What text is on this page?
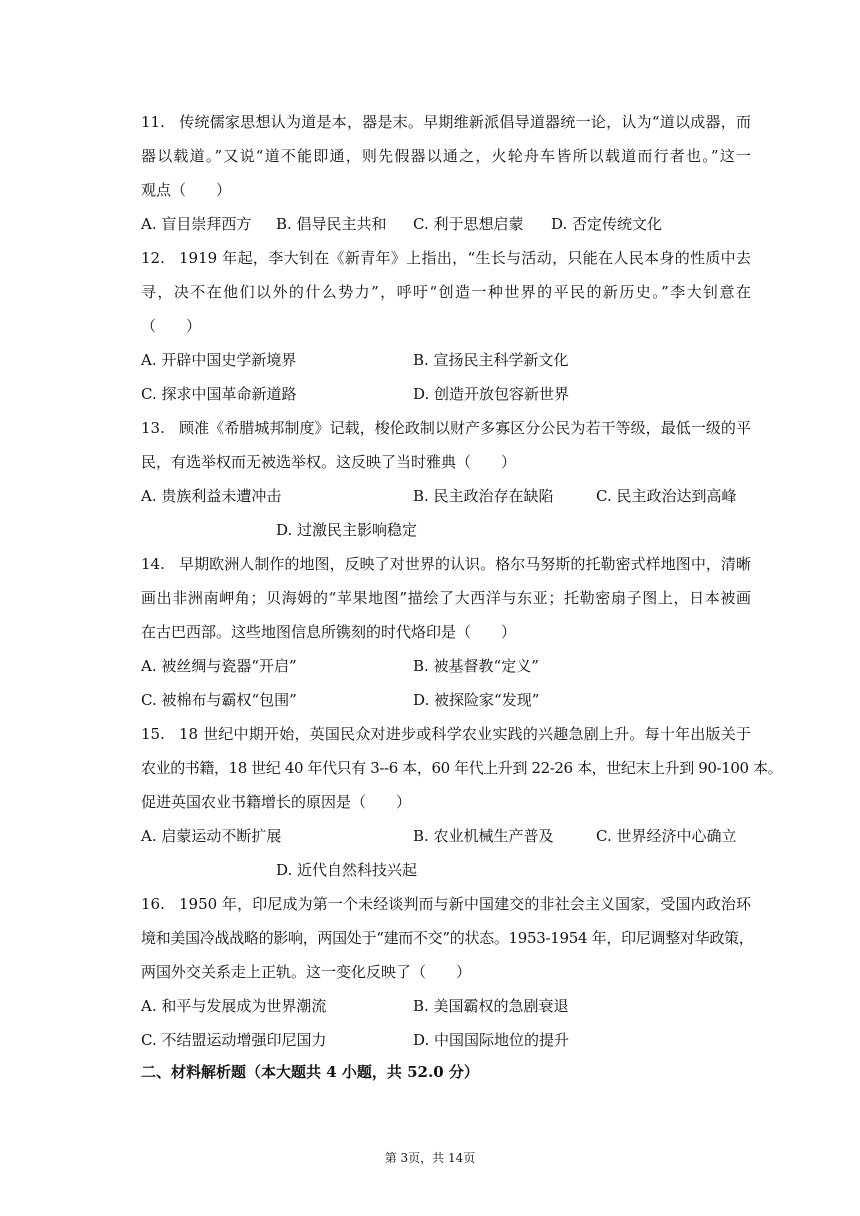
11. 传统儒家思想认为道是本，器是末。早期维新派倡导道器统一论，认为“道以成器，而
器以载道。”又说“道不能即通，则先假器以通之，火轮舟车皆所以载道而行者也。”这一
观点（　　）
A. 盲目崇拜西方 B. 倡导民主共和 C. 利于思想启蒙 D. 否定传统文化
12. 1919 年起，李大钊在《新青年》上指出，“生长与活动，只能在人民本身的性质中去
寻，决不在他们以外的什么势力”，呼吁“创造一种世界的平民的新历史。”李大钊意在
（　　）
A. 开辟中国史学新境界	B. 宣扬民主科学新文化
C. 探求中国革命新道路	D. 创造开放包容新世界
13. 顾准《希腊城邦制度》记载，梭伦政制以财产多寡区分公民为若干等级，最低一级的平
民，有选举权而无被选举权。这反映了当时雅典（　　）
A. 贵族利益未遭冲击	B. 民主政治存在缺陷	C. 民主政治达到高峰
D. 过激民主影响稳定
14. 早期欧洲人制作的地图，反映了对世界的认识。格尔马努斯的托勒密式样地图中，清晰
画出非洲南岬角；贝海姆的“苹果地图”描绘了大西洋与东亚；托勒密扇子图上，日本被画
在古巴西部。这些地图信息所镌刻的时代烙印是（　　）
A. 被丝绸与瓷器“开启”	B. 被基督教“定义”
C. 被棉布与霸权“包围”	D. 被探险家“发现”
15. 18 世纪中期开始，英国民众对进步或科学农业实践的兴趣急剧上升。每十年出版关于
农业的书籍，18 世纪 40 年代只有 3--6 本，60 年代上升到 22-26 本，世纪末上升到 90-100 本。
促进英国农业书籍增长的原因是（　　）
A. 启蒙运动不断扩展	B. 农业机械生产普及	C. 世界经济中心确立
D. 近代自然科技兴起
16. 1950 年，印尼成为第一个未经谈判而与新中国建交的非社会主义国家，受国内政治环
境和美国冷战战略的影响，两国处于“建而不交”的状态。1953-1954 年，印尼调整对华政策，
两国外交关系走上正轨。这一变化反映了（　　）
A. 和平与发展成为世界潮流	B. 美国霸权的急剧衰退
C. 不结盟运动增强印尼国力	D. 中国国际地位的提升
二、材料解析题（本大题共 4 小题，共 52.0 分）
第 3页，共 14页
